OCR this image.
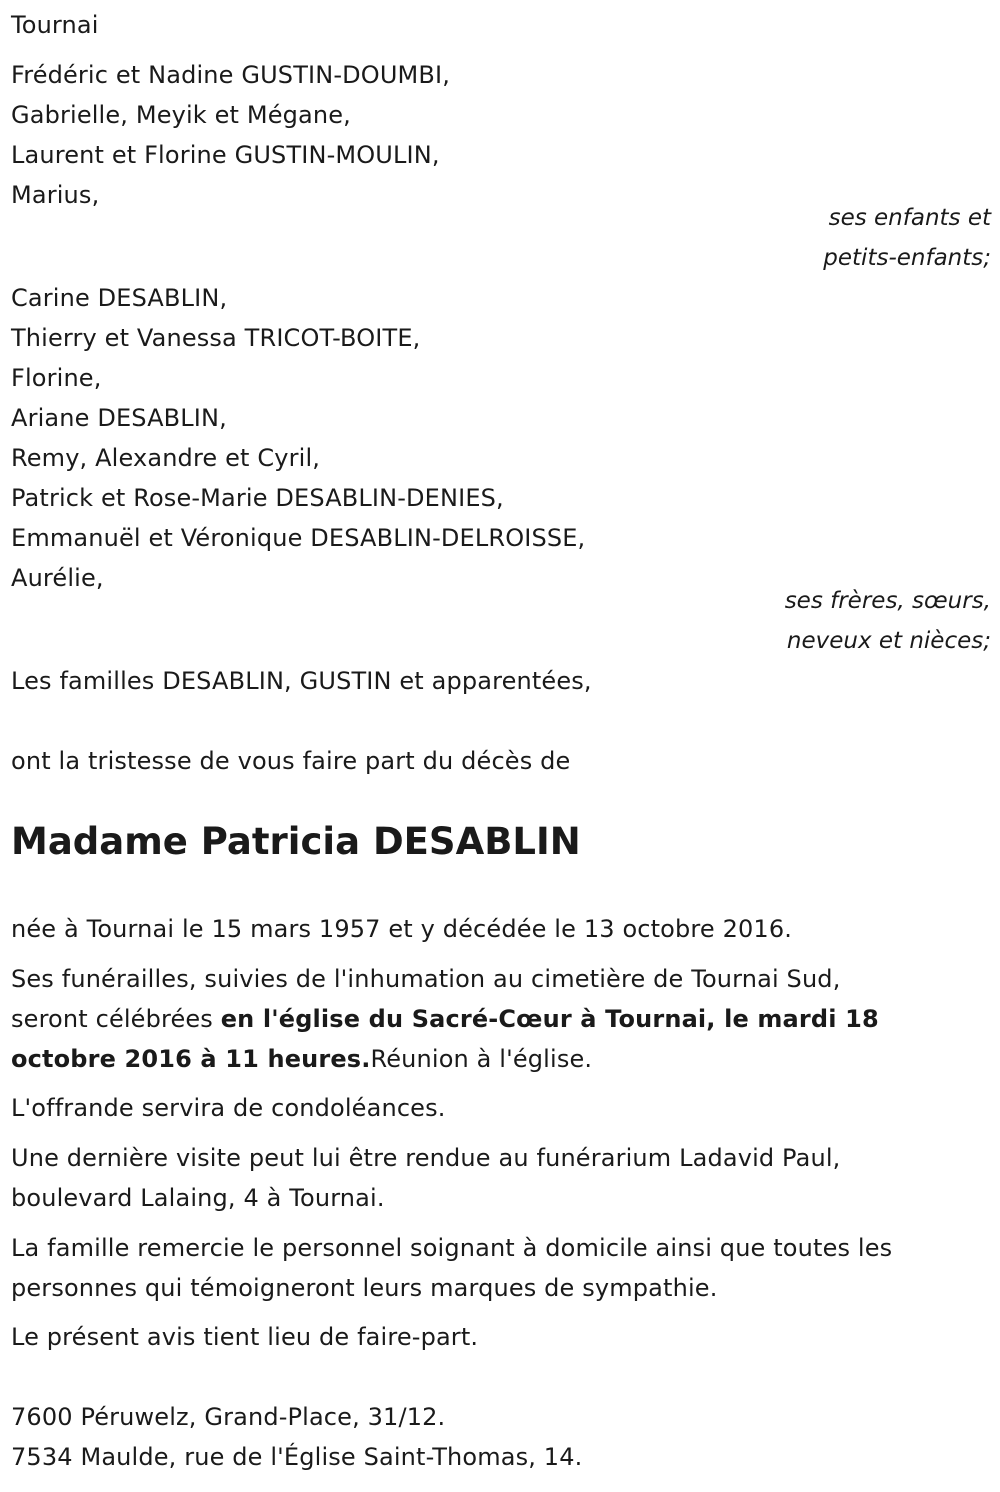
Tournai
Frédéric et Nadine GUSTIN-DOUMBI,
Gabrielle, Meyik et Mégane,
Laurent et Florine GUSTIN-MOULIN,
Marius,
ses enfants et
petits-enfants;
Carine DESABLIN,
Thierry et Vanessa TRICOT-BOITE,
Florine,
Ariane DESABLIN,
Remy, Alexandre et Cyril,
Patrick et Rose-Marie DESABLIN-DENIES,
Emmanuël et Véronique DESABLIN-DELROISSE,
Aurélie,
ses frères, sœurs,
neveux et nièces;
Les familles DESABLIN, GUSTIN et apparentées,
ont la tristesse de vous faire part du décès de
Madame Patricia DESABLIN
née à Tournai le 15 mars 1957 et y décédée le 13 octobre 2016.
Ses funérailles, suivies de l'inhumation au cimetière de Tournai Sud,
seront célébrées en l'église du Sacré-Cœur à Tournai, le mardi 18
octobre 2016 à 11 heures.Réunion à l'église.
L'offrande servira de condoléances.
Une dernière visite peut lui être rendue au funérarium Ladavid Paul,
boulevard Lalaing, 4 à Tournai.
La famille remercie le personnel soignant à domicile ainsi que toutes les
personnes qui témoigneront leurs marques de sympathie.
Le présent avis tient lieu de faire-part.
7600 Péruwelz, Grand-Place, 31/12.
7534 Maulde, rue de l'Église Saint-Thomas, 14.
